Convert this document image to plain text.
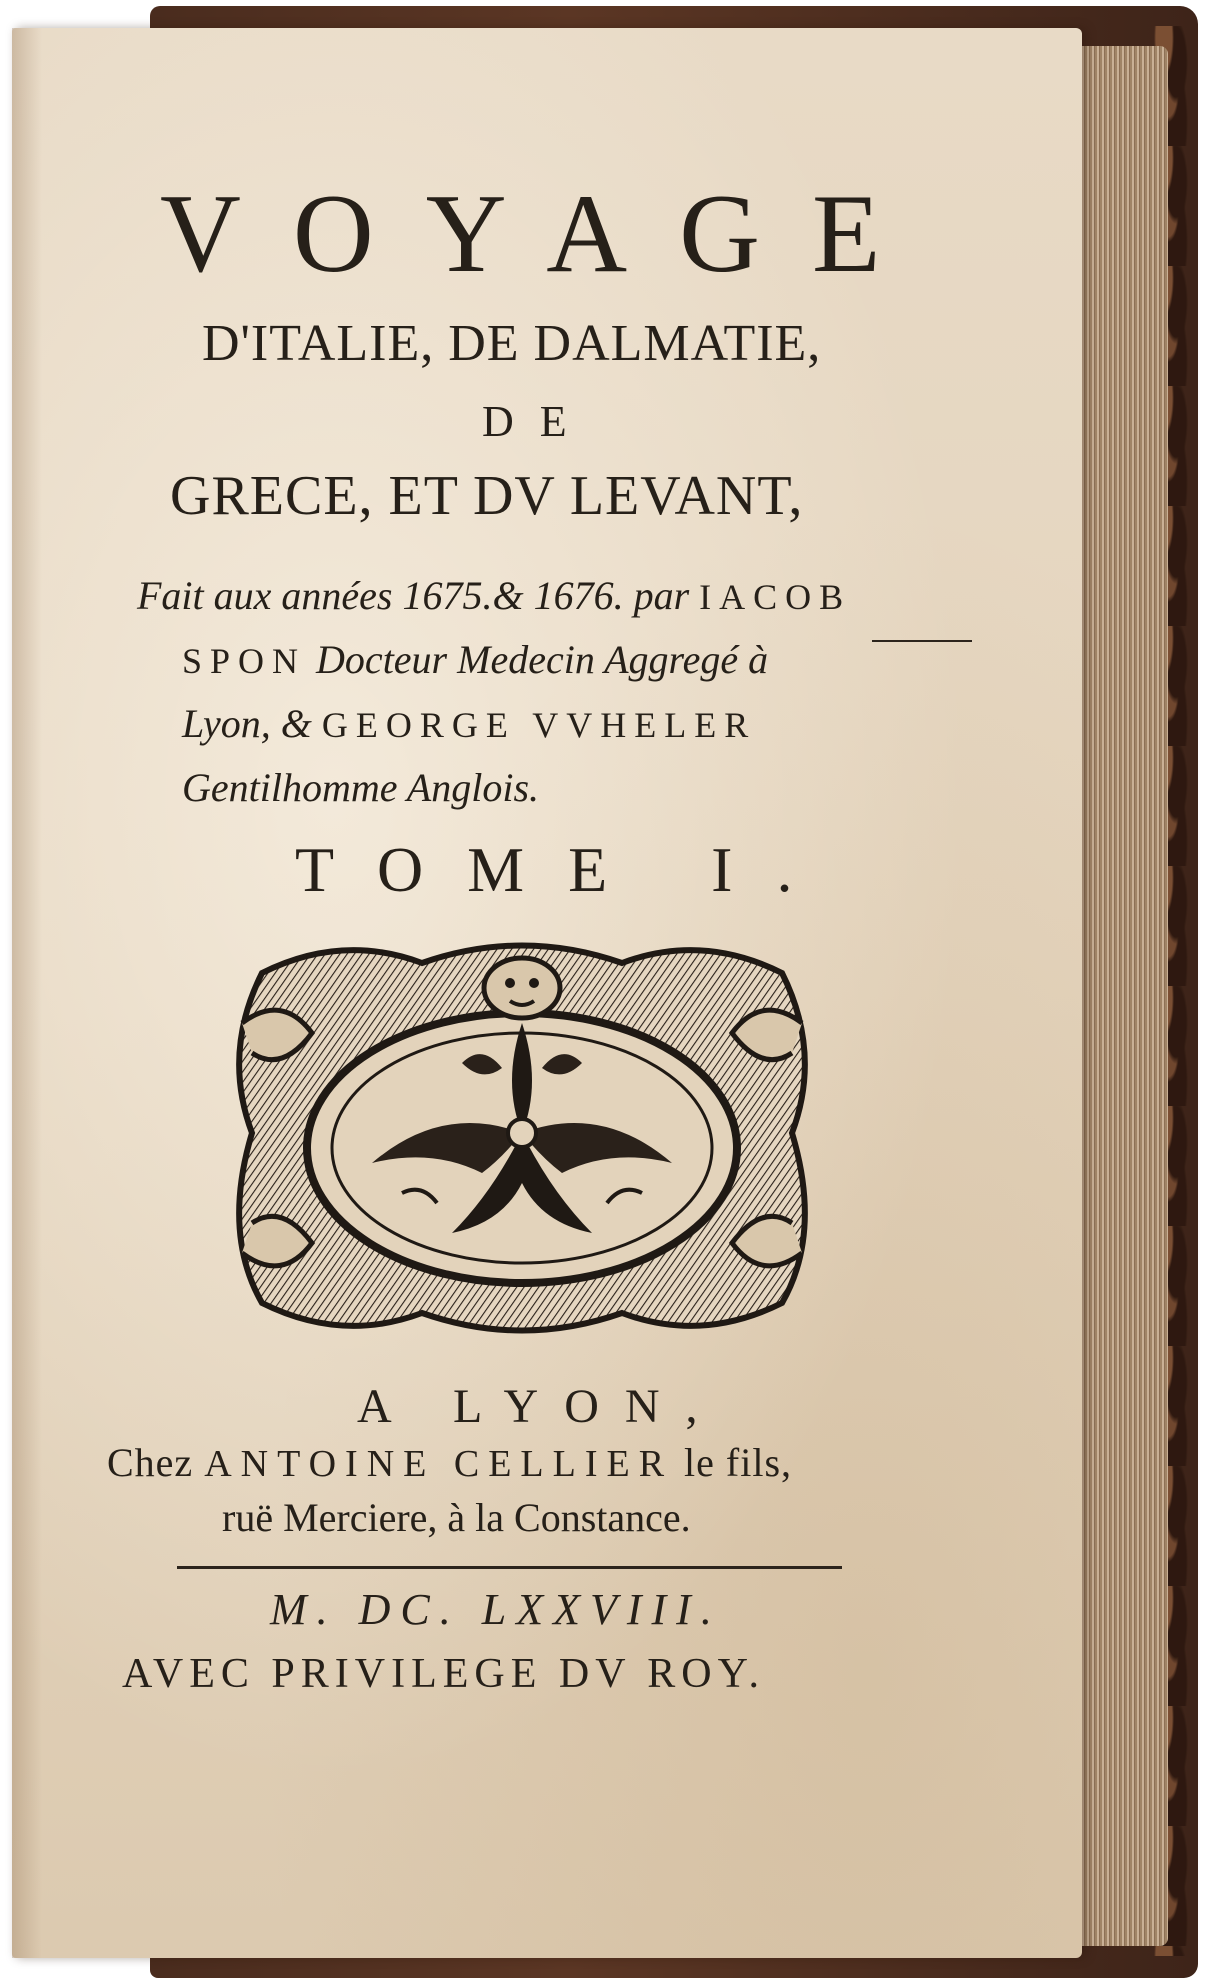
VOYAGE
D'ITALIE, DE DALMATIE,
DE
GRECE, ET DV LEVANT,
Fait aux années 1675.& 1676. par IACOB
SPON Docteur Medecin Aggregé à
Lyon, & GEORGE VVHELER
Gentilhomme Anglois.
TOME I.
A LYON,
Chez ANTOINE CELLIER le fils,
ruë Merciere, à la Constance.
M. DC. LXXVIII.
AVEC PRIVILEGE DV ROY.
